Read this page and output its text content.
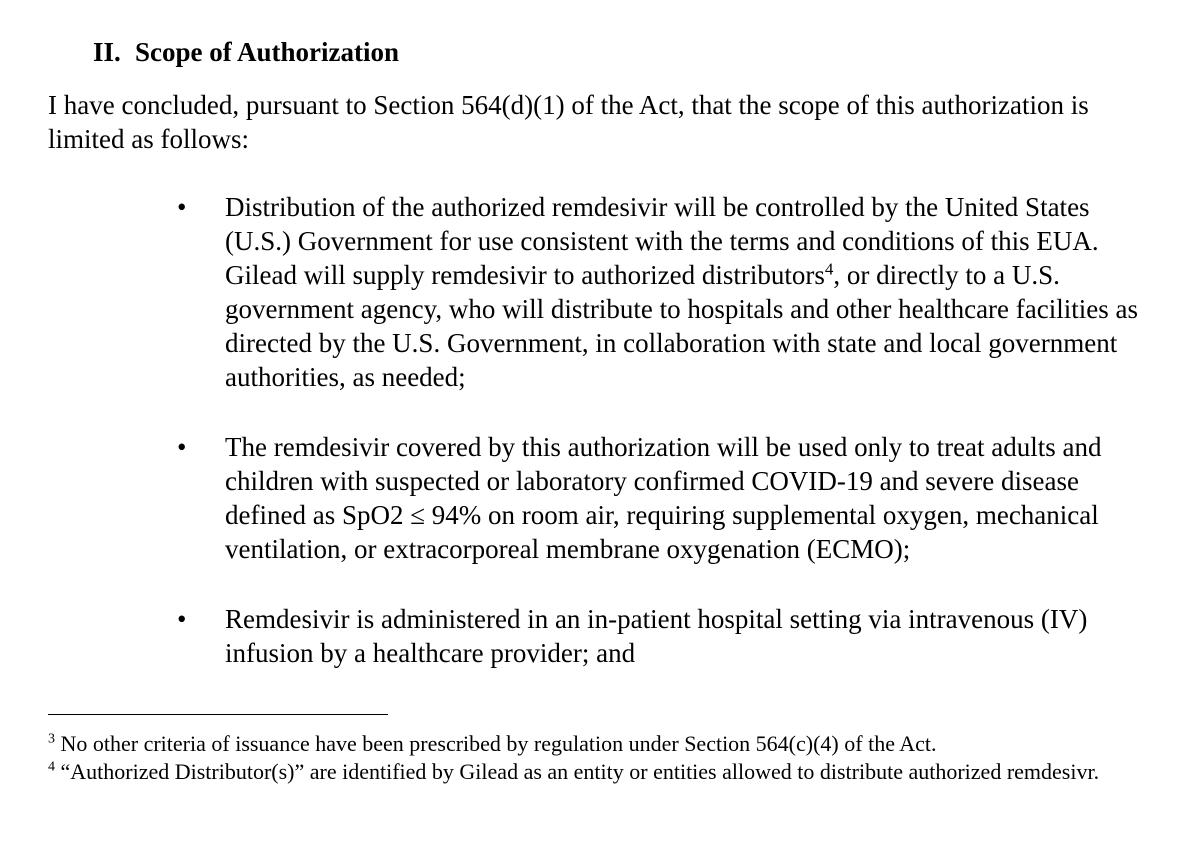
II. Scope of Authorization
I have concluded, pursuant to Section 564(d)(1) of the Act, that the scope of this authorization is limited as follows:
• Distribution of the authorized remdesivir will be controlled by the United States (U.S.) Government for use consistent with the terms and conditions of this EUA. Gilead will supply remdesivir to authorized distributors$^4$, or directly to a U.S. government agency, who will distribute to hospitals and other healthcare facilities as directed by the U.S. Government, in collaboration with state and local government authorities, as needed;
• The remdesivir covered by this authorization will be used only to treat adults and children with suspected or laboratory confirmed COVID-19 and severe disease defined as SpO2 ≤ 94% on room air, requiring supplemental oxygen, mechanical ventilation, or extracorporeal membrane oxygenation (ECMO);
• Remdesivir is administered in an in-patient hospital setting via intravenous (IV) infusion by a healthcare provider; and

$^3$ No other criteria of issuance have been prescribed by regulation under Section 564(c)(4) of the Act.

$^4$ “Authorized Distributor(s)” are identified by Gilead as an entity or entities allowed to distribute authorized remdesivr.
